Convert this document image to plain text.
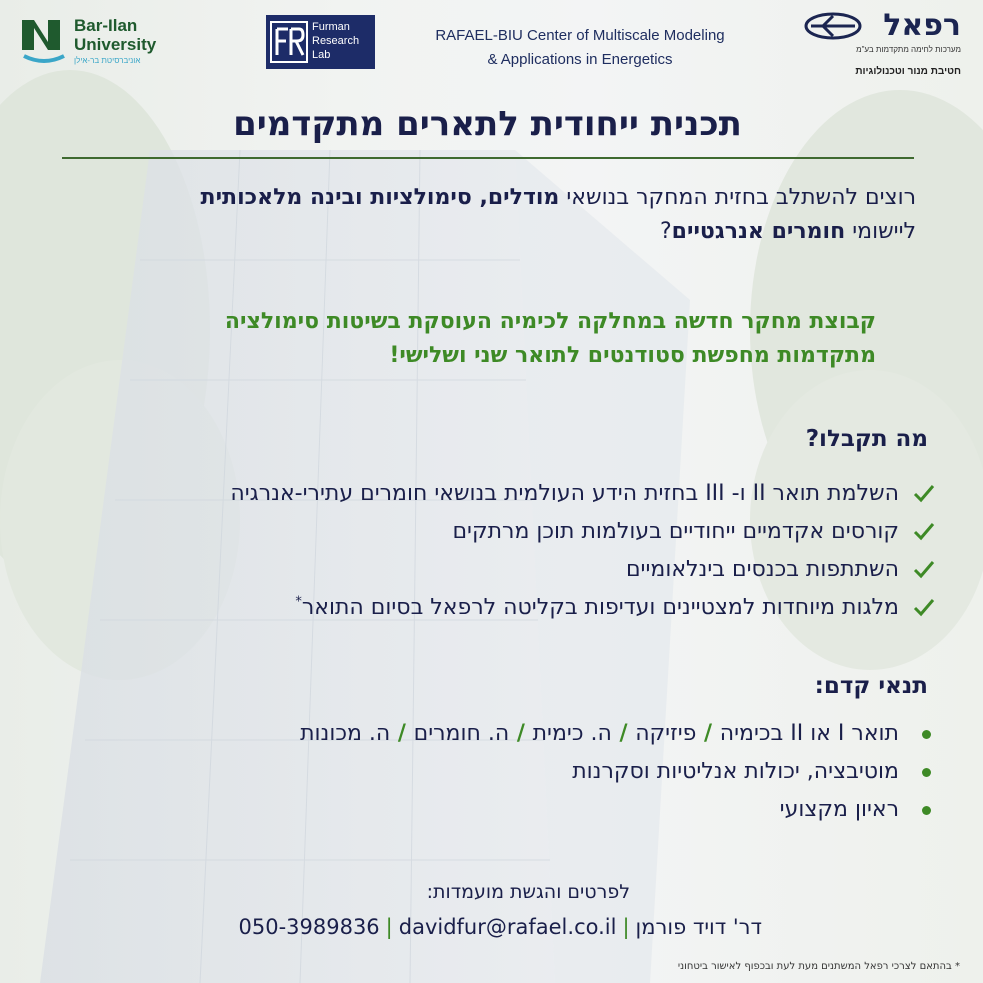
Bar-Ilan
University
אוניברסיטת בר-אילן
Furman
Research
Lab
RAFAEL-BIU Center of Multiscale Modeling
& Applications in Energetics
רפאל
מערכות לחימה מתקדמות בע"מ
חטיבת מנור וטכנולוגיות
תכנית ייחודית לתארים מתקדמים
רוצים להשתלב בחזית המחקר בנושאי מודלים, סימולציות ובינה מלאכותית
ליישומי חומרים אנרגטיים?
קבוצת מחקר חדשה במחלקה לכימיה העוסקת בשיטות סימולציה
מתקדמות מחפשת סטודנטים לתואר שני ושלישי!
מה תקבלו?
השלמת תואר II ו- III בחזית הידע העולמית בנושאי חומרים עתירי-אנרגיה
קורסים אקדמיים ייחודיים בעולמות תוכן מרתקים
השתתפות בכנסים בינלאומיים
מלגות מיוחדות למצטיינים ועדיפות בקליטה לרפאל בסיום התואר*
תנאי קדם:
תואר I או II בכימיה / פיזיקה / ה. כימית / ה. חומרים / ה. מכונות
מוטיבציה, יכולות אנליטיות וסקרנות
ראיון מקצועי
לפרטים והגשת מועמדות:
דר' דויד פורמן|050-3989836 | davidfur@rafael.co.il
* בהתאם לצרכי רפאל המשתנים מעת לעת ובכפוף לאישור ביטחוני
